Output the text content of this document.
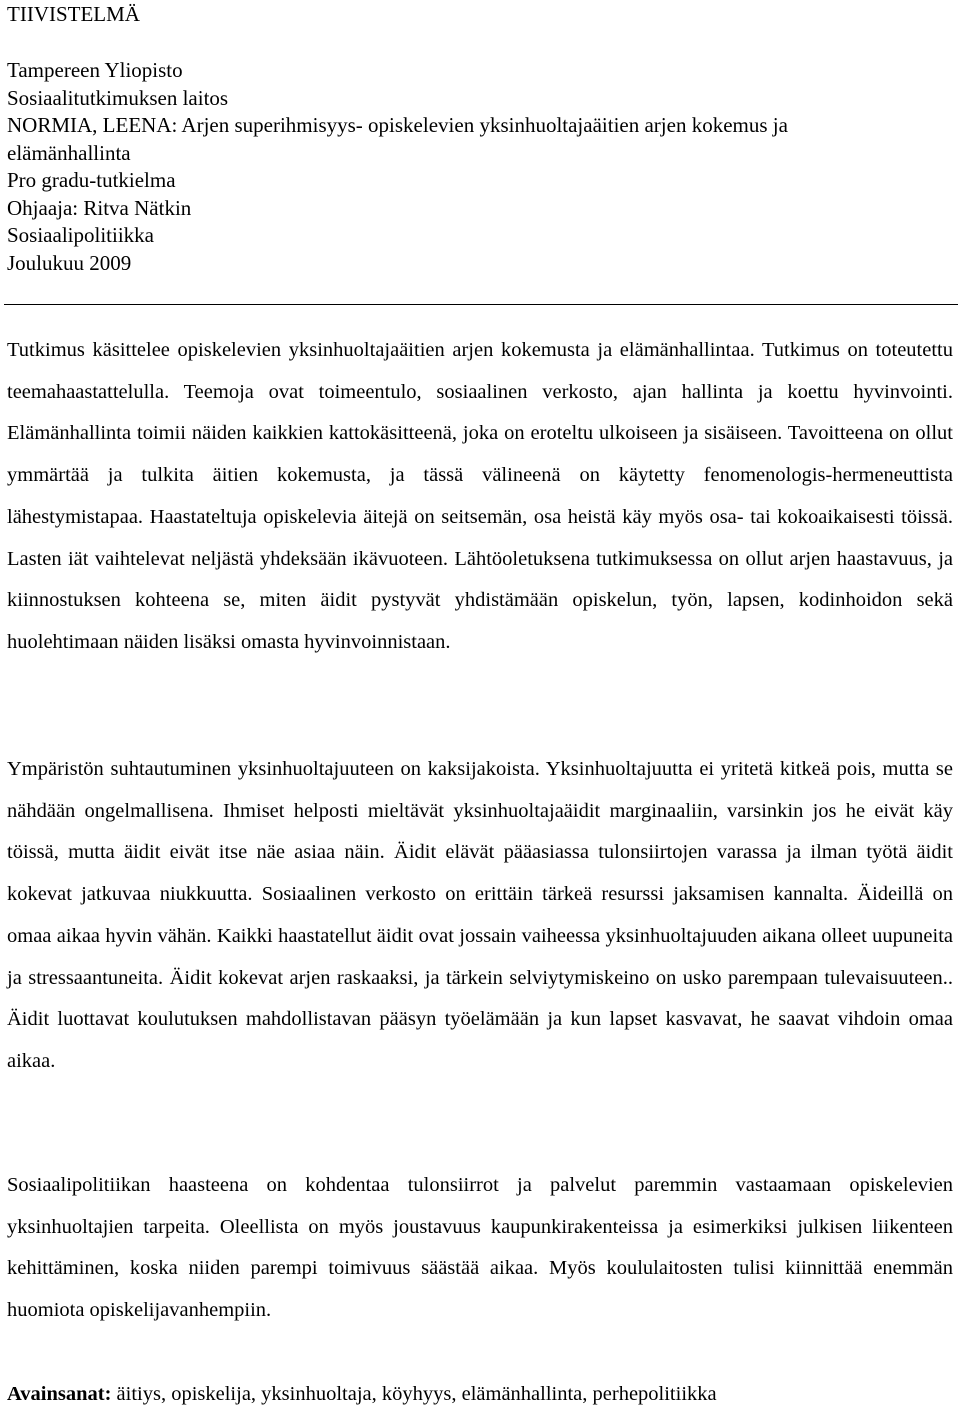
TIIVISTELMÄ
Tampereen Yliopisto
Sosiaalitutkimuksen laitos
NORMIA, LEENA: Arjen superihmisyys- opiskelevien yksinhuoltajaäitien arjen kokemus ja
elämänhallinta
Pro gradu-tutkielma
Ohjaaja: Ritva Nätkin
Sosiaalipolitiikka
Joulukuu 2009

Tutkimus käsittelee opiskelevien yksinhuoltajaäitien arjen kokemusta ja elämänhallintaa. Tutkimus on toteutettu teemahaastattelulla. Teemoja ovat toimeentulo, sosiaalinen verkosto, ajan hallinta ja koettu hyvinvointi. Elämänhallinta toimii näiden kaikkien kattokäsitteenä, joka on eroteltu ulkoiseen ja sisäiseen. Tavoitteena on ollut ymmärtää ja tulkita äitien kokemusta, ja tässä välineenä on käytetty fenomenologis-hermeneuttista lähestymistapaa. Haastateltuja opiskelevia äitejä on seitsemän, osa heistä käy myös osa- tai kokoaikaisesti töissä. Lasten iät vaihtelevat neljästä yhdeksään ikävuoteen. Lähtöoletuksena tutkimuksessa on ollut arjen haastavuus, ja kiinnostuksen kohteena se, miten äidit pystyvät yhdistämään opiskelun, työn, lapsen, kodinhoidon sekä huolehtimaan näiden lisäksi omasta hyvinvoinnistaan.

Ympäristön suhtautuminen yksinhuoltajuuteen on kaksijakoista. Yksinhuoltajuutta ei yritetä kitkeä pois, mutta se nähdään ongelmallisena. Ihmiset helposti mieltävät yksinhuoltajaäidit marginaaliin, varsinkin jos he eivät käy töissä, mutta äidit eivät itse näe asiaa näin. Äidit elävät pääasiassa tulonsiirtojen varassa ja ilman työtä äidit kokevat jatkuvaa niukkuutta. Sosiaalinen verkosto on erittäin tärkeä resurssi jaksamisen kannalta. Äideillä on omaa aikaa hyvin vähän. Kaikki haastatellut äidit ovat jossain vaiheessa yksinhuoltajuuden aikana olleet uupuneita ja stressaantuneita. Äidit kokevat arjen raskaaksi, ja tärkein selviytymiskeino on usko parempaan tulevaisuuteen.. Äidit luottavat koulutuksen mahdollistavan pääsyn työelämään ja kun lapset kasvavat, he saavat vihdoin omaa aikaa.

Sosiaalipolitiikan haasteena on kohdentaa tulonsiirrot ja palvelut paremmin vastaamaan opiskelevien yksinhuoltajien tarpeita. Oleellista on myös joustavuus kaupunkirakenteissa ja esimerkiksi julkisen liikenteen kehittäminen, koska niiden parempi toimivuus säästää aikaa. Myös koululaitosten tulisi kiinnittää enemmän huomiota opiskelijavanhempiin.

Avainsanat: äitiys, opiskelija, yksinhuoltaja, köyhyys, elämänhallinta, perhepolitiikka
